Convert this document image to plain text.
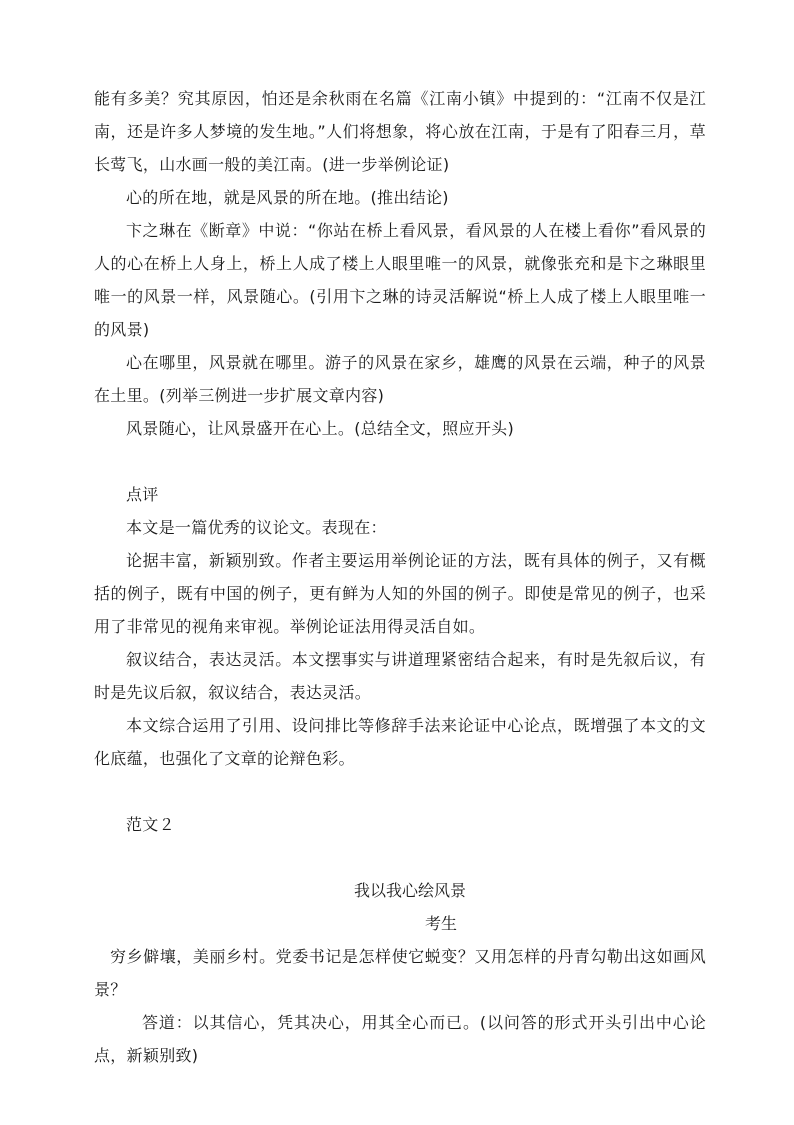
能有多美？究其原因，怕还是余秋雨在名篇《江南小镇》中提到的：“江南不仅是江南，还是许多人梦境的发生地。”人们将想象，将心放在江南，于是有了阳春三月，草长莺飞，山水画一般的美江南。(进一步举例论证)

心的所在地，就是风景的所在地。(推出结论)

卞之琳在《断章》中说：“你站在桥上看风景，看风景的人在楼上看你”看风景的人的心在桥上人身上，桥上人成了楼上人眼里唯一的风景，就像张充和是卞之琳眼里唯一的风景一样，风景随心。(引用卞之琳的诗灵活解说“桥上人成了楼上人眼里唯一的风景)

心在哪里，风景就在哪里。游子的风景在家乡，雄鹰的风景在云端，种子的风景在土里。(列举三例进一步扩展文章内容)

风景随心，让风景盛开在心上。(总结全文，照应开头)

点评

本文是一篇优秀的议论文。表现在：

论据丰富，新颖别致。作者主要运用举例论证的方法，既有具体的例子，又有概括的例子，既有中国的例子，更有鲜为人知的外国的例子。即使是常见的例子，也采用了非常见的视角来审视。举例论证法用得灵活自如。

叙议结合，表达灵活。本文摆事实与讲道理紧密结合起来，有时是先叙后议，有时是先议后叙，叙议结合，表达灵活。

本文综合运用了引用、设问排比等修辞手法来论证中心论点，既增强了本文的文化底蕴，也强化了文章的论辩色彩。

范文２

我以我心绘风景

考生

穷乡僻壤，美丽乡村。党委书记是怎样使它蜕变？又用怎样的丹青勾勒出这如画风景？

答道：以其信心，凭其决心，用其全心而已。(以问答的形式开头引出中心论点，新颖别致)
